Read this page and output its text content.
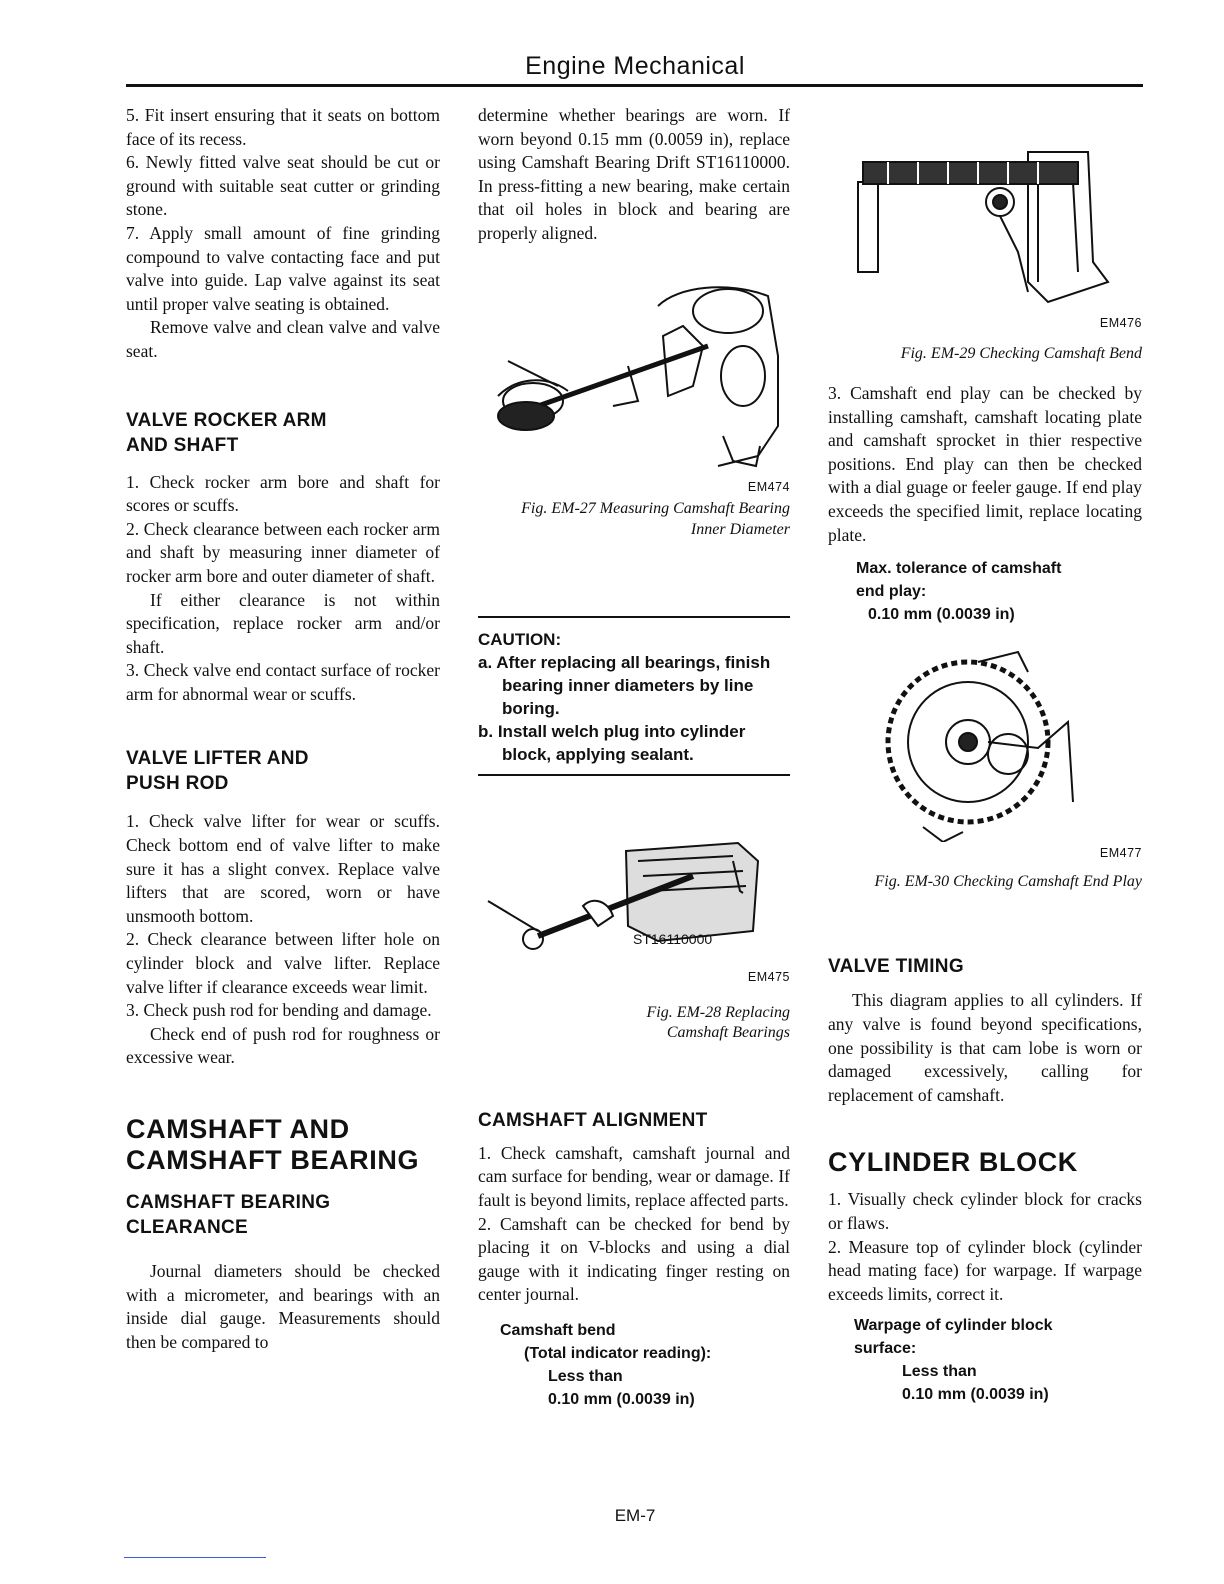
Engine Mechanical

5. Fit insert ensuring that it seats on bottom face of its recess.

6. Newly fitted valve seat should be cut or ground with suitable seat cutter or grinding stone.

7. Apply small amount of fine grinding compound to valve contacting face and put valve into guide. Lap valve against its seat until proper valve seating is obtained.

Remove valve and clean valve and valve seat.

VALVE ROCKER ARM AND SHAFT

1. Check rocker arm bore and shaft for scores or scuffs.

2. Check clearance between each rocker arm and shaft by measuring inner diameter of rocker arm bore and outer diameter of shaft.

If either clearance is not within specification, replace rocker arm and/or shaft.

3. Check valve end contact surface of rocker arm for abnormal wear or scuffs.

VALVE LIFTER AND PUSH ROD

1. Check valve lifter for wear or scuffs. Check bottom end of valve lifter to make sure it has a slight convex. Replace valve lifters that are scored, worn or have unsmooth bottom.

2. Check clearance between lifter hole on cylinder block and valve lifter. Replace valve lifter if clearance exceeds wear limit.

3. Check push rod for bending and damage.

Check end of push rod for roughness or excessive wear.

CAMSHAFT AND CAMSHAFT BEARING
CAMSHAFT BEARING CLEARANCE

Journal diameters should be checked with a micrometer, and bearings with an inside dial gauge. Measurements should then be compared to

determine whether bearings are worn. If worn beyond 0.15 mm (0.0059 in), replace using Camshaft Bearing Drift ST16110000. In press-fitting a new bearing, make certain that oil holes in block and bearing are properly aligned.

EM474

Fig. EM-27 Measuring Camshaft Bearing Inner Diameter

CAUTION:
a. After replacing all bearings, finish bearing inner diameters by line boring.
b. Install welch plug into cylinder block, applying sealant.
ST16110000

EM475

Fig. EM-28 Replacing Camshaft Bearings

CAMSHAFT ALIGNMENT

1. Check camshaft, camshaft journal and cam surface for bending, wear or damage. If fault is beyond limits, replace affected parts.

2. Camshaft can be checked for bend by placing it on V-blocks and using a dial gauge with it indicating finger resting on center journal.

Camshaft bend
(Total indicator reading):
Less than
0.10 mm (0.0039 in)

EM476

Fig. EM-29 Checking Camshaft Bend

3. Camshaft end play can be checked by installing camshaft, camshaft locating plate and camshaft sprocket in thier respective positions. End play can then be checked with a dial guage or feeler gauge. If end play exceeds the specified limit, replace locating plate.

Max. tolerance of camshaft
end play:
0.10 mm (0.0039 in)

EM477

Fig. EM-30 Checking Camshaft End Play

VALVE TIMING

This diagram applies to all cylinders. If any valve is found beyond specifications, one possibility is that cam lobe is worn or damaged excessively, calling for replacement of camshaft.

CYLINDER BLOCK

1. Visually check cylinder block for cracks or flaws.

2. Measure top of cylinder block (cylinder head mating face) for warpage. If warpage exceeds limits, correct it.

Warpage of cylinder block
surface:
Less than
0.10 mm (0.0039 in)
EM-7
